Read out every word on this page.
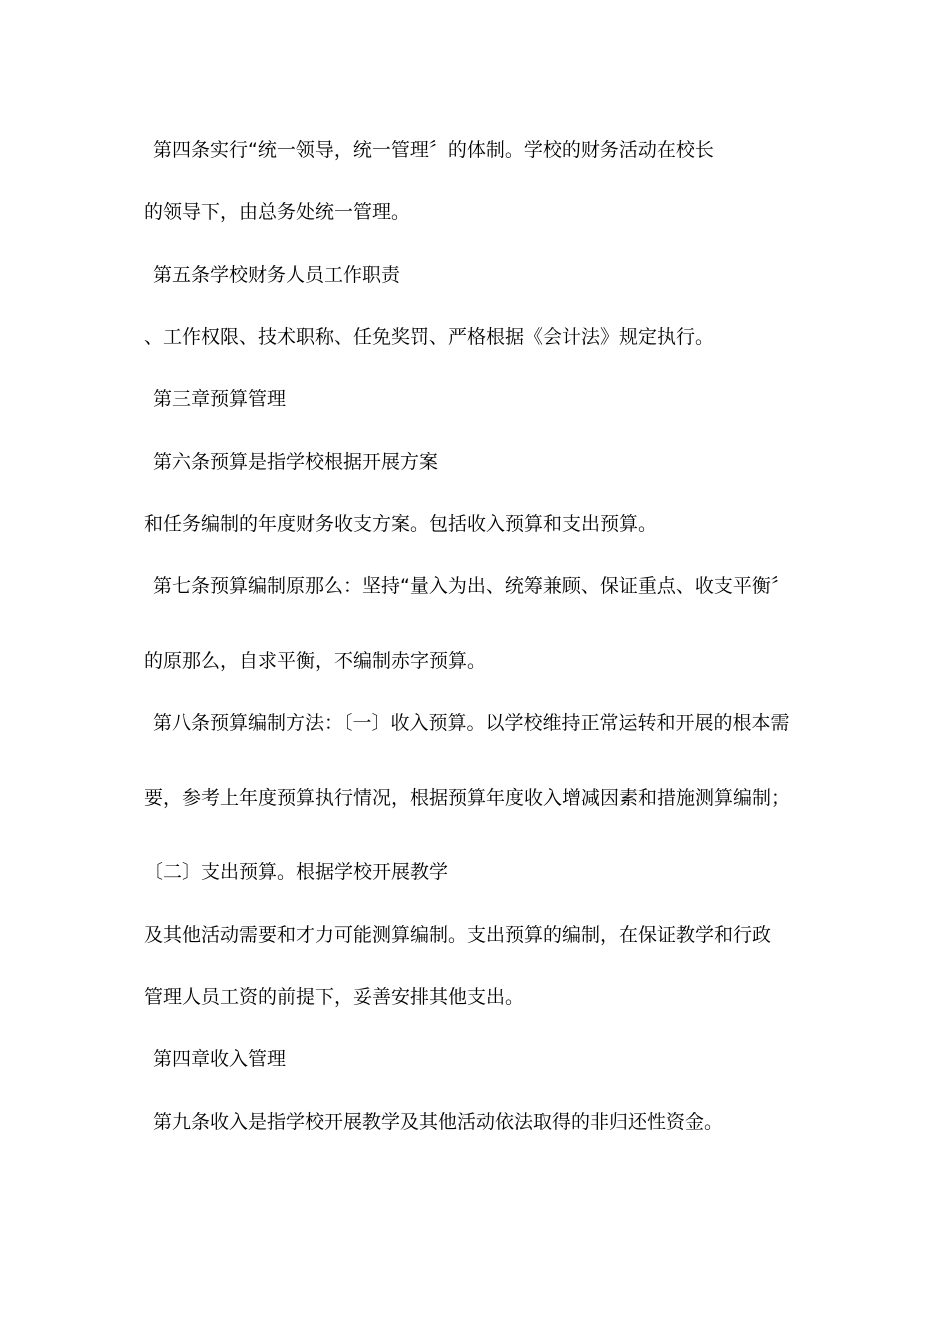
第四条实行“统一领导，统一管理〞的体制。学校的财务活动在校长
的领导下，由总务处统一管理。
第五条学校财务人员工作职责
、工作权限、技术职称、任免奖罚、严格根据《会计法》规定执行。
第三章预算管理
第六条预算是指学校根据开展方案
和任务编制的年度财务收支方案。包括收入预算和支出预算。
第七条预算编制原那么：坚持“量入为出、统筹兼顾、保证重点、收支平衡〞
的原那么，自求平衡，不编制赤字预算。
第八条预算编制方法：〔一〕收入预算。以学校维持正常运转和开展的根本需
要，参考上年度预算执行情况，根据预算年度收入增减因素和措施测算编制；
〔二〕支出预算。根据学校开展教学
及其他活动需要和才力可能测算编制。支出预算的编制，在保证教学和行政
管理人员工资的前提下，妥善安排其他支出。
第四章收入管理
第九条收入是指学校开展教学及其他活动依法取得的非归还性资金。
